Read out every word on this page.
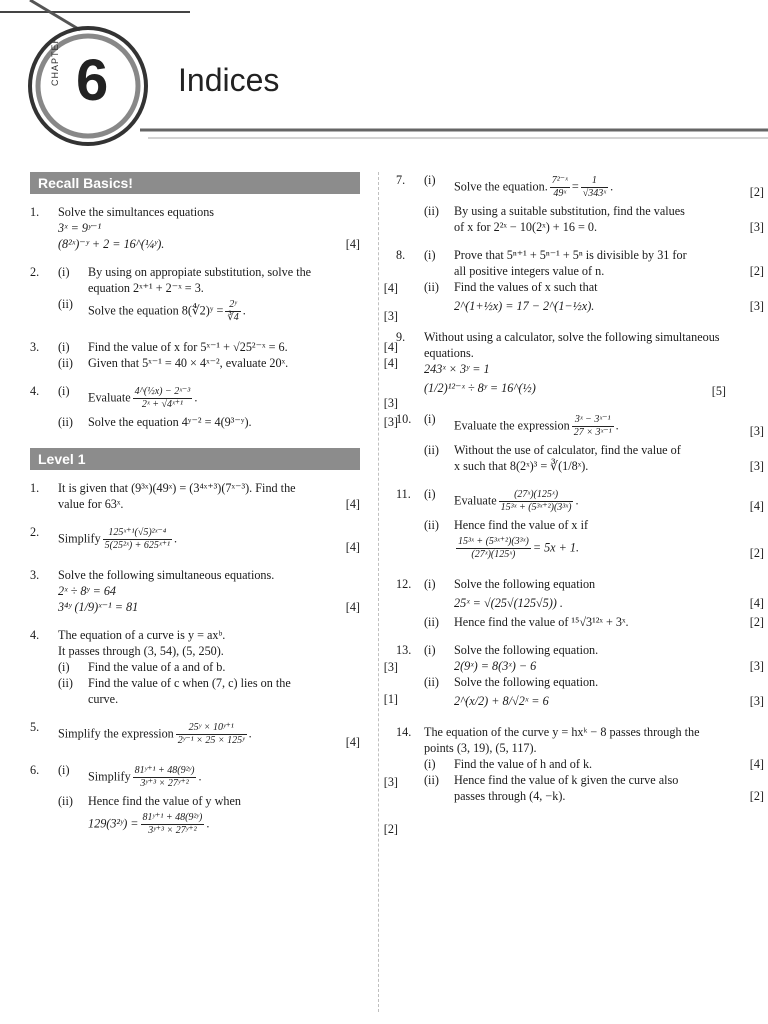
CHAPTER 6 Indices
Recall Basics!
1. Solve the simultances equations
3ˣ = 9ʸ⁻¹
(8²ˣ)⁻ʸ + 2 = 16^(¼ʸ).	[4]
2. (i) By using on appropiate substitution, solve the equation 2ˣ⁺¹ + 2⁻ˣ = 3.	[4]
(ii) Solve the equation 8(∜2)ʸ = $\frac{\text{2ʸ}}{∛4}$ .	[3]
3. (i) Find the value of x for 5ˣ⁻¹ + √25²⁻ˣ = 6.	[4]
(ii) Given that 5ˣ⁻¹ = 40 × 4ˣ⁻², evaluate 20ˣ.	[4]
4. (i) Evaluate $\frac{\text{4\textasciicircum{}(½x) − 2ˣ⁻³}}{\text{2ˣ + √4ˣ⁺¹}}$ .	[3]
(ii) Solve the equation 4ʸ⁻² = 4(9³⁻ʸ).	[3]
Level 1
1. It is given that (9³ˣ)(49ˣ) = (3⁴ˣ⁺³)(7ˣ⁻³). Find the
value for 63ˣ.	[4]
2. Simplify $\frac{\text{125ˣ⁺¹(√5)²ˣ⁻⁴}}{\text{5(25²ˣ) + 625ˣ⁺¹}}$ .
[4]
3. Solve the following simultaneous equations.
2ˣ ÷ 8ʸ = 64
3⁴ʸ (1/9)ˣ⁻¹ = 81	[4]
4. The equation of a curve is y = axᵇ.
It passes through (3, 54), (5, 250).
(i) Find the value of a and of b.	[3]
(ii) Find the value of c when (7, c) lies on the curve.	[1]
5. Simplify the expression $\frac{\text{25ʸ × 10ʸ⁺¹}}{\text{2ʸ⁻¹ × 25 × 125ʸ}}$ .
[4]
6. (i) Simplify $\frac{\text{81ʸ⁺¹ + 48(9²ʸ)}}{\text{3ʸ⁺³ × 27ʸ⁺²}}$ .	[3]
(ii) Hence find the value of y when
129(3²ʸ) = $\frac{\text{81ʸ⁺¹ + 48(9²ʸ)}}{\text{3ʸ⁺³ × 27ʸ⁺²}}$ .	[2]
7. (i) Solve the equation. $\frac{\text{7²⁻ˣ}}{\text{49ˣ}} = \frac{1}{\text{√343ˣ}}$ .	[2]
(ii) By using a suitable substitution, find the values of x for 2²ˣ − 10(2ˣ) + 16 = 0.	[3]
8. (i) Prove that 5ⁿ⁺¹ + 5ⁿ⁻¹ + 5ⁿ is divisible by 31 for all positive integers value of n.	[2]
(ii) Find the values of x such that
2^(1+½x) = 17 − 2^(1−½x).	[3]
9. Without using a calculator, solve the following simultaneous equations.
243ˣ × 3ʸ = 1
(1/2)¹²⁻ˣ ÷ 8ʸ = 16^(½)	[5]
10. (i) Evaluate the expression $\frac{\text{3ˣ − 3ˣ⁻¹}}{\text{27 × 3ˣ⁻¹}}$ .	[3]
(ii) Without the use of calculator, find the value of x such that 8(2ˣ)³ = ∛(1/8ˣ).	[3]
11. (i) Evaluate $\frac{\text{(27ˣ)(125ˣ)}}{\text{15³ˣ + (5³ˣ⁺²)(3³ˣ)}}$ .	[4]
(ii) Hence find the value of x if
$\frac{\text{15³ˣ + (5³ˣ⁺²)(3³ˣ)}}{\text{(27ˣ)(125ˣ)}} = 5x + 1$.	[2]
12. (i) Solve the following equation
25ˣ = √(25√(125√5)) .	[4]
(ii) Hence find the value of ¹⁵√3¹²ˣ + 3ˣ.	[2]
13. (i) Solve the following equation.
2(9ˣ) = 8(3ˣ) − 6	[3]
(ii) Solve the following equation.
2^(x/2) + 8/√2ˣ = 6	[3]
14. The equation of the curve y = hxᵏ − 8 passes through the points (3, 19), (5, 117).
(i) Find the value of h and of k.	[4]
(ii) Hence find the value of k given the curve also passes through (4, −k).	[2]
